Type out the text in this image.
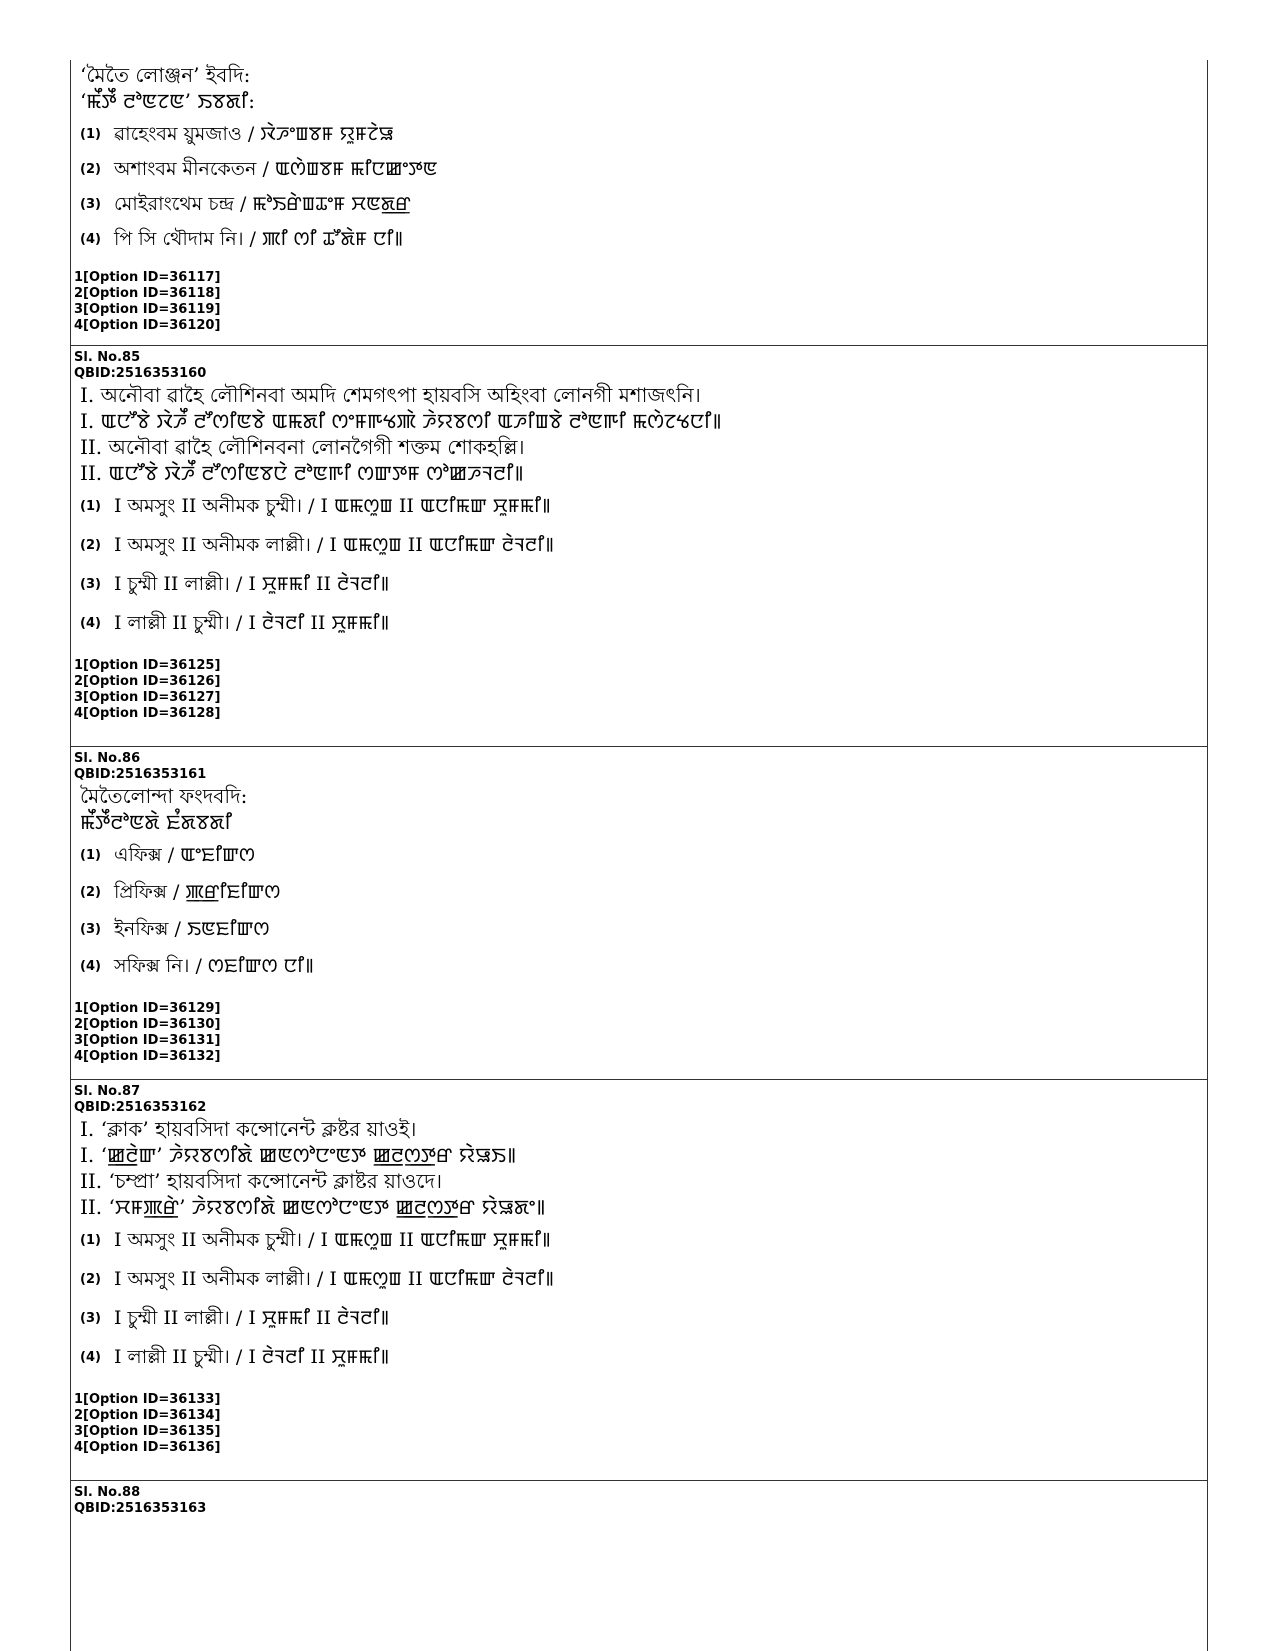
‘মৈতৈ লোঞ্জন’ ইবদি:
‘ꯃꯩꯇꯩ ꯂꯣꯟꯖꯟ’ ꯏꯕꯗꯤ:
(1) ৱাহেংবম য়ুমজাও / ꯋꯥꯍꯦꯡꯕꯝ ꯌꯨꯝꯖꯥꯎ
(2) অশাংবম মীনকেতন / ꯑꯁꯥꯡꯕꯝ ꯃꯤꯅꯀꯦꯇꯟ
(3) মোইরাংথেম চন্দ্র / ꯃꯣꯏꯔꯥꯡꯊꯦꯝ ꯆꯟꯗ꯭ꯔ
(4) পি সি থৌদাম নি। / ꯄꯤ ꯁꯤ ꯊꯧꯗꯥꯝ ꯅꯤ꯫
1[Option ID=36117]
2[Option ID=36118]
3[Option ID=36119]
4[Option ID=36120]
Sl. No.85
QBID:2516353160
I. অনৌবা ৱাহৈ লৌশিনবা অমদি শেমগৎপা হায়বসি অহিংবা লোনগী মশাজৎনি।
I. ꯑꯅꯧꯕꯥ ꯋꯥꯍꯩ ꯂꯧꯁꯤꯟꯕꯥ ꯑꯃꯗꯤ ꯁꯦꯝꯒꯠꯄꯥ ꯍꯥꯌꯕꯁꯤ ꯑꯍꯤꯡꯕꯥ ꯂꯣꯟꯒꯤ ꯃꯁꯥꯖꯠꯅꯤ꯫
II. অনৌবা ৱাহৈ লৌশিনবনা লোনগৈগী শক্তম শোকহল্লি।
II. ꯑꯅꯧꯕꯥ ꯋꯥꯍꯩ ꯂꯧꯁꯤꯟꯕꯅꯥ ꯂꯣꯟꯒꯤ ꯁꯛꯇꯝ ꯁꯣꯀꯍꯜꯂꯤ꯫
(1) I অমসুং II অনীমক চুম্মী। / I ꯑꯃꯁꯨꯡ II ꯑꯅꯤꯃꯛ ꯆꯨꯝꯃꯤ꯫
(2) I অমসুং II অনীমক লাল্লী। / I ꯑꯃꯁꯨꯡ II ꯑꯅꯤꯃꯛ ꯂꯥꯜꯂꯤ꯫
(3) I চুম্মী II লাল্লী। / I ꯆꯨꯝꯃꯤ II ꯂꯥꯜꯂꯤ꯫
(4) I লাল্লী II চুম্মী। / I ꯂꯥꯜꯂꯤ II ꯆꯨꯝꯃꯤ꯫
1[Option ID=36125]
2[Option ID=36126]
3[Option ID=36127]
4[Option ID=36128]
Sl. No.86
QBID:2516353161
মৈতৈলোন্দা ফংদবদি:
ꯃꯩꯇꯩꯂꯣꯟꯗꯥ ꯐꯪꯗꯕꯗꯤ
(1) এফিক্স / ꯑꯦꯐꯤꯛꯁ
(2) প্রিফিক্স / ꯄ꯭ꯔꯤꯐꯤꯛꯁ
(3) ইনফিক্স / ꯏꯟꯐꯤꯛꯁ
(4) সফিক্স নি। / ꯁꯐꯤꯛꯁ ꯅꯤ꯫
1[Option ID=36129]
2[Option ID=36130]
3[Option ID=36131]
4[Option ID=36132]
Sl. No.87
QBID:2516353162
I. ‘ক্লাক’ হায়বসিদা কন্সোনেন্ট ক্লষ্টর য়াওই।
I. ‘ꯀ꯭ꯂꯥꯛ’ ꯍꯥꯌꯕꯁꯤꯗꯥ ꯀꯟꯁꯣꯅꯦꯟꯇ ꯀ꯭ꯂꯁ꯭ꯇꯔ ꯌꯥꯎꯏ꯫
II. ‘চম্প্রা’ হায়বসিদা কন্সোনেন্ট ক্লাষ্টর য়াওদে।
II. ‘ꯆꯝꯄ꯭ꯔꯥ’ ꯍꯥꯌꯕꯁꯤꯗꯥ ꯀꯟꯁꯣꯅꯦꯟꯇ ꯀ꯭ꯂꯁ꯭ꯇꯔ ꯌꯥꯎꯗꯦ꯫
(1) I অমসুং II অনীমক চুম্মী। / I ꯑꯃꯁꯨꯡ II ꯑꯅꯤꯃꯛ ꯆꯨꯝꯃꯤ꯫
(2) I অমসুং II অনীমক লাল্লী। / I ꯑꯃꯁꯨꯡ II ꯑꯅꯤꯃꯛ ꯂꯥꯜꯂꯤ꯫
(3) I চুম্মী II লাল্লী। / I ꯆꯨꯝꯃꯤ II ꯂꯥꯜꯂꯤ꯫
(4) I লাল্লী II চুম্মী। / I ꯂꯥꯜꯂꯤ II ꯆꯨꯝꯃꯤ꯫
1[Option ID=36133]
2[Option ID=36134]
3[Option ID=36135]
4[Option ID=36136]
Sl. No.88
QBID:2516353163
